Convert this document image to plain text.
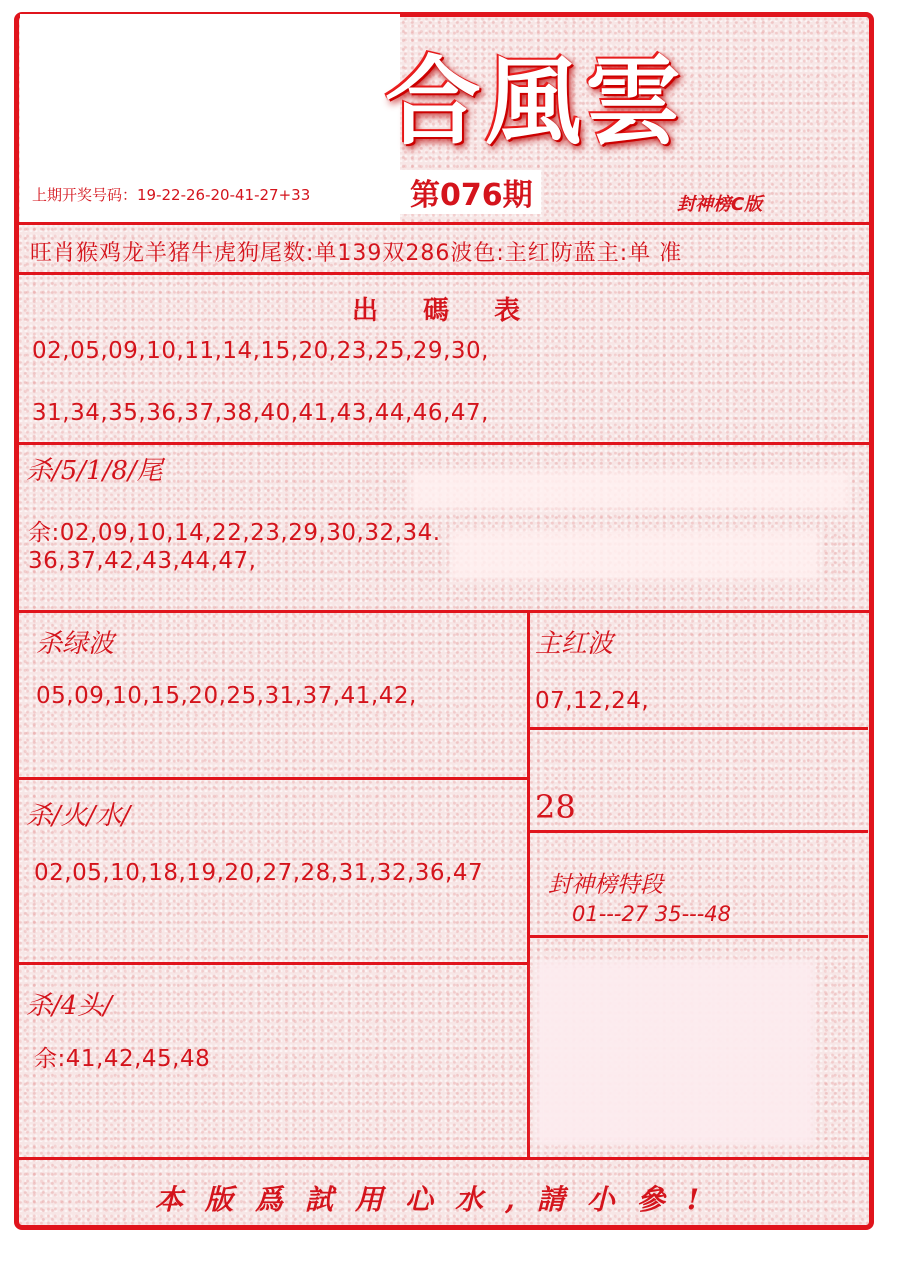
合風雲
封神榜C版
上期开奖号码：19-22-26-20-41-27+33	第076期
旺肖猴鸡龙羊猪牛虎狗尾数:单139双286波色:主红防蓝主:单 准
出 碼 表
02,05,09,10,11,14,15,20,23,25,29,30,
31,34,35,36,37,38,40,41,43,44,46,47,
杀/5/1/8/尾
余:02,09,10,14,22,23,29,30,32,34.
36,37,42,43,44,47,
杀绿波
05,09,10,15,20,25,31,37,41,42,
主红波
07,12,24,
28
杀/火/水/
02,05,10,18,19,20,27,28,31,32,36,47	封神榜特段
01---27 35---48
杀/4头/
余:41,42,45,48
本版爲試用心水,請小參!
